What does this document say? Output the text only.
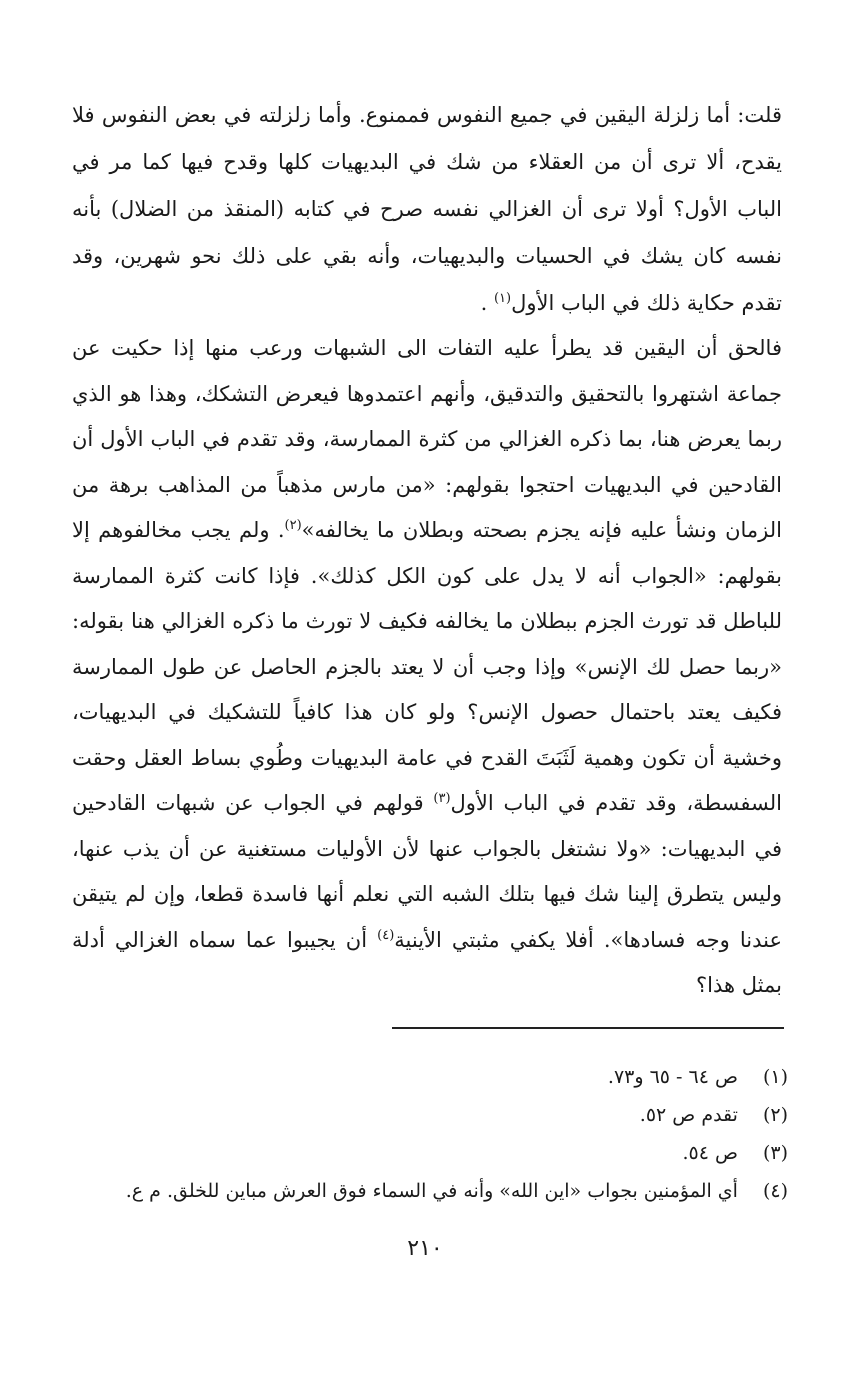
قلت: أما زلزلة اليقين في جميع النفوس فممنوع. وأما زلزلته في بعض النفوس فلا يقدح، ألا ترى أن من العقلاء من شك في البديهيات كلها وقدح فيها كما مر في الباب الأول؟ أولا ترى أن الغزالي نفسه صرح في كتابه (المنقذ من الضلال) بأنه نفسه كان يشك في الحسيات والبديهيات، وأنه بقي على ذلك نحو شهرين، وقد تقدم حكاية ذلك في الباب الأول$^{(١)}$ .
فالحق أن اليقين قد يطرأ عليه التفات الى الشبهات ورعب منها إذا حكيت عن جماعة اشتهروا بالتحقيق والتدقيق، وأنهم اعتمدوها فيعرض التشكك، وهذا هو الذي ربما يعرض هنا، بما ذكره الغزالي من كثرة الممارسة، وقد تقدم في الباب الأول أن القادحين في البديهيات احتجوا بقولهم: «من مارس مذهباً من المذاهب برهة من الزمان ونشأ عليه فإنه يجزم بصحته وبطلان ما يخالفه»$^{(٢)}$. ولم يجب مخالفوهم إلا بقولهم: «الجواب أنه لا يدل على كون الكل كذلك». فإذا كانت كثرة الممارسة للباطل قد تورث الجزم ببطلان ما يخالفه فكيف لا تورث ما ذكره الغزالي هنا بقوله: «ربما حصل لك الإنس» وإذا وجب أن لا يعتد بالجزم الحاصل عن طول الممارسة فكيف يعتد باحتمال حصول الإنس؟ ولو كان هذا كافياً للتشكيك في البديهيات، وخشية أن تكون وهمية لَثَبَتَ القدح في عامة البديهيات وطُوي بساط العقل وحقت السفسطة، وقد تقدم في الباب الأول$^{(٣)}$ قولهم في الجواب عن شبهات القادحين في البديهيات: «ولا نشتغل بالجواب عنها لأن الأوليات مستغنية عن أن يذب عنها، وليس يتطرق إلينا شك فيها بتلك الشبه التي نعلم أنها فاسدة قطعا، وإن لم يتيقن عندنا وجه فسادها». أفلا يكفي مثبتي الأينية$^{(٤)}$ أن يجيبوا عما سماه الغزالي أدلة بمثل هذا؟
(١) ص ٦٤ - ٦٥ و٧٣.
(٢) تقدم ص ٥٢.
(٣) ص ٥٤.
(٤) أي المؤمنين بجواب «اين الله» وأنه في السماء فوق العرش مباين للخلق. م ع.
٢١٠
